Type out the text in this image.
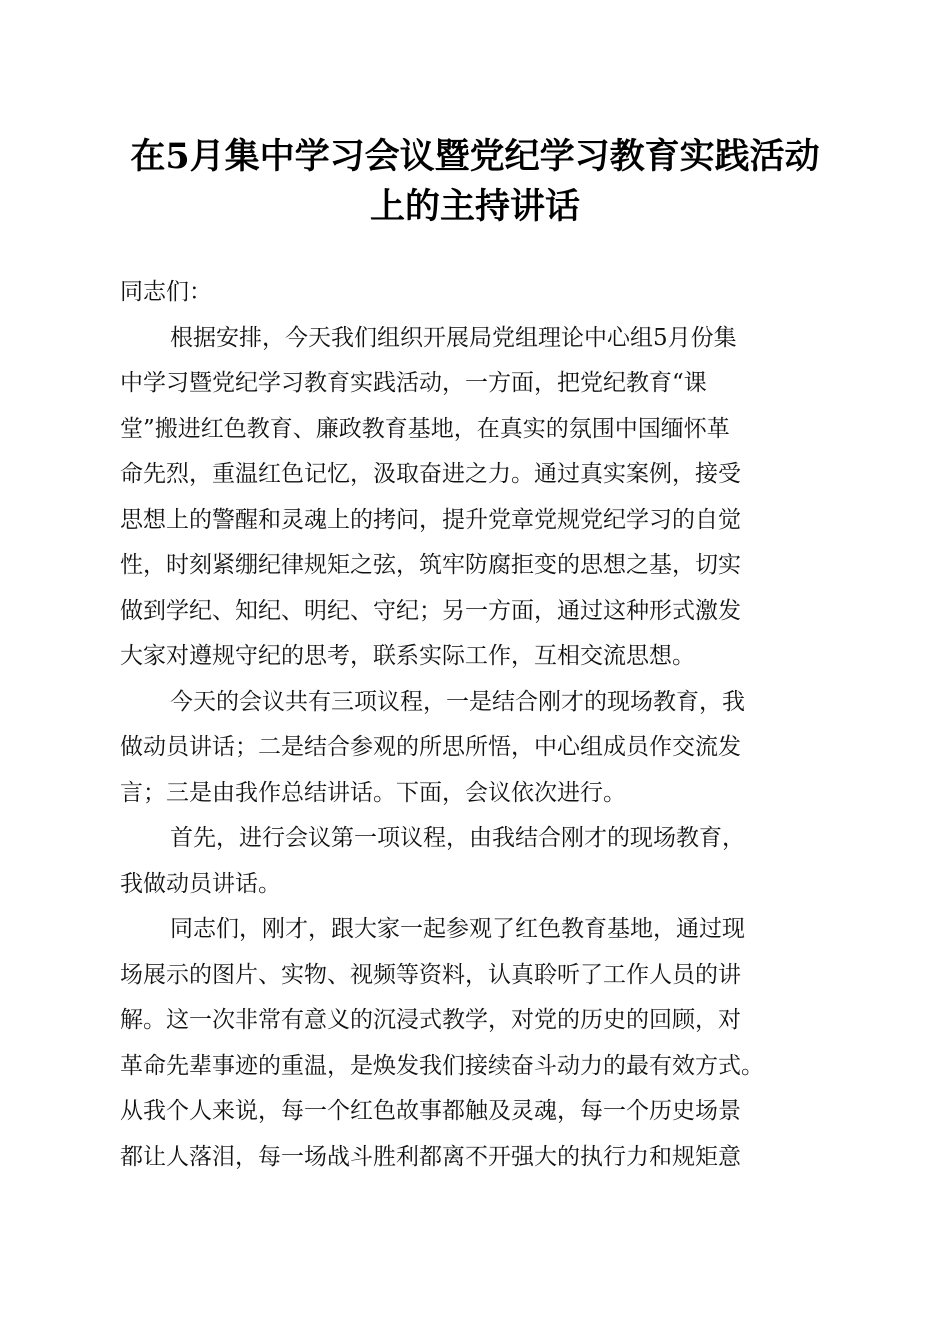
在5月集中学习会议暨党纪学习教育实践活动
上的主持讲话
同志们：
根据安排，今天我们组织开展局党组理论中心组5月份集
中学习暨党纪学习教育实践活动，一方面，把党纪教育“课
堂”搬进红色教育、廉政教育基地，在真实的氛围中国缅怀革
命先烈，重温红色记忆，汲取奋进之力。通过真实案例，接受
思想上的警醒和灵魂上的拷问，提升党章党规党纪学习的自觉
性，时刻紧绷纪律规矩之弦，筑牢防腐拒变的思想之基，切实
做到学纪、知纪、明纪、守纪；另一方面，通过这种形式激发
大家对遵规守纪的思考，联系实际工作，互相交流思想。
今天的会议共有三项议程，一是结合刚才的现场教育，我
做动员讲话；二是结合参观的所思所悟，中心组成员作交流发
言；三是由我作总结讲话。下面，会议依次进行。
首先，进行会议第一项议程，由我结合刚才的现场教育，
我做动员讲话。
同志们，刚才，跟大家一起参观了红色教育基地，通过现
场展示的图片、实物、视频等资料，认真聆听了工作人员的讲
解。这一次非常有意义的沉浸式教学，对党的历史的回顾，对
革命先辈事迹的重温，是焕发我们接续奋斗动力的最有效方式。
从我个人来说，每一个红色故事都触及灵魂，每一个历史场景
都让人落泪，每一场战斗胜利都离不开强大的执行力和规矩意
